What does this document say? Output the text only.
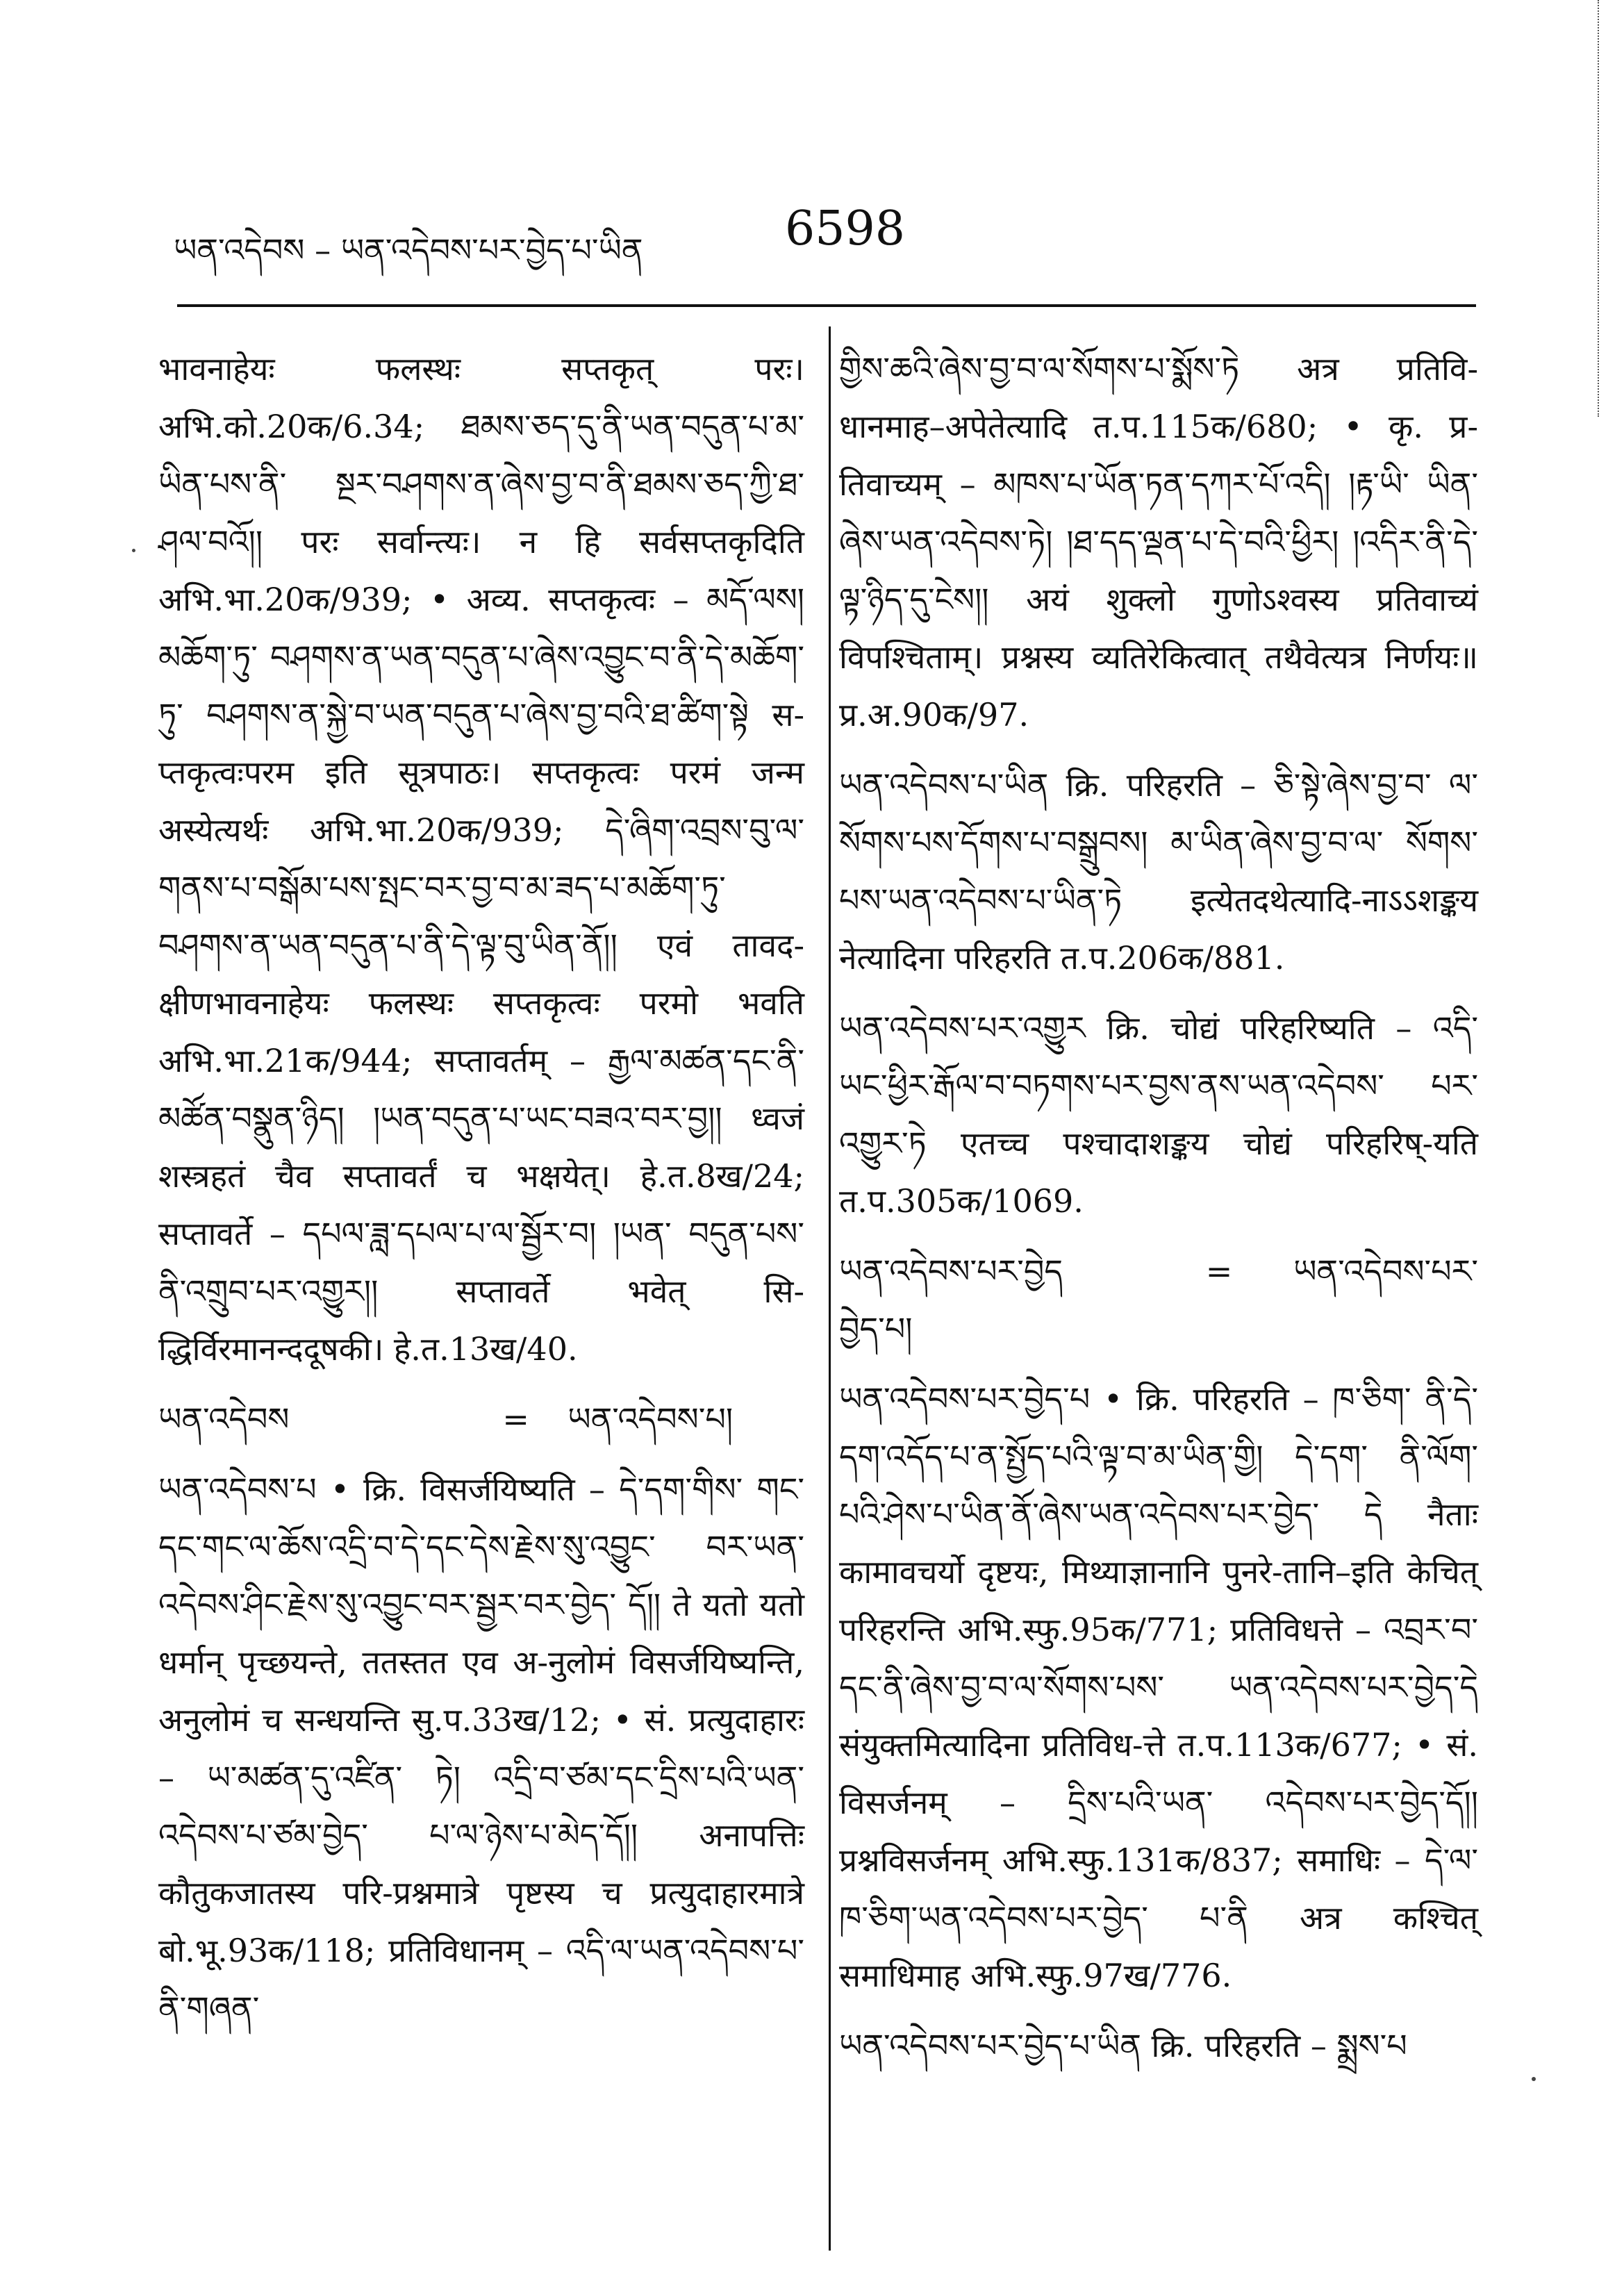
ཡན་འདེབས – ཡན་འདེབས་པར་བྱེད་པ་ཡིན	6598
भावनाहेयः फलस्थः सप्तकृत् परः। अभि.को.20क/6.34; ཐམས་ཅད་དུ་ནི་ཡན་བདུན་པ་མ་ཡིན་པས་ནི་ སྔར་བཤགས་ན་ཞེས་བྱ་བ་ནི་ཐམས་ཅད་ཀྱི་ཐ་ཤལ་བའོ།། परः सर्वान्त्यः। न हि सर्वसप्तकृदिति अभि.भा.20क/939; • अव्य. सप्तकृत्वः – མདོ་ལས། མཆོག་ཏུ་ བཤགས་ན་ཡན་བདུན་པ་ཞེས་འབྱུང་བ་ནི་དེ་མཆོག་ཏུ་ བཤགས་ན་སྐྱེ་བ་ཡན་བདུན་པ་ཞེས་བྱ་བའི་ཐ་ཚིག་སྟེ स-प्तकृत्वःपरम इति सूत्रपाठः। सप्तकृत्वः परमं जन्म अस्येत्यर्थः अभि.भा.20क/939; དེ་ཞིག་འབྲས་བུ་ལ་ གནས་པ་བསྒོམ་པས་སྤང་བར་བྱ་བ་མ་ཟད་པ་མཆོག་ཏུ་ བཤགས་ན་ཡན་བདུན་པ་ནི་དེ་ལྟ་བུ་ཡིན་ནོ།། एवं तावद-क्षीणभावनाहेयः फलस्थः सप्तकृत्वः परमो भवति अभि.भा.21क/944; सप्तावर्तम् – རྒྱལ་མཚན་དང་ནི་ མཚོན་བསྣུན་ཉིད། །ཡན་བདུན་པ་ཡང་བཟའ་བར་བྱ།། ध्वजं शस्त्रहतं चैव सप्तावर्तं च भक्षयेत्। हे.त.8ख/24; सप्तावर्ते – དཔལ་ཟླ་དཔལ་པ་ལ་སྦྱོར་བ། །ཡན་ བདུན་པས་ནི་འགྲུབ་པར་འགྱུར།། सप्तावर्ते भवेत् सि-द्धिर्विरमानन्ददूषकी। हे.त.13ख/40.
ཡན་འདེབས	= ཡན་འདེབས་པ།
ཡན་འདེབས་པ • क्रि. विसर्जयिष्यति – དེ་དག་གིས་ གང་དང་གང་ལ་ཆོས་འདྲི་བ་དེ་དང་དེས་རྗེས་སུ་འབྱུང་ བར་ཡན་འདེབས་ཤིང་རྗེས་སུ་འབྱུང་བར་སྦྱར་བར་བྱེད་ དོ།། ते यतो यतो धर्मान् पृच्छयन्ते, ततस्तत एव अ-नुलोमं विसर्जयिष्यन्ति, अनुलोमं च सन्धयन्ति सु.प.33ख/12; • सं. प्रत्युदाहारः – ཡ་མཚན་དུ་འཛིན་ ཏེ། འདྲི་བ་ཙམ་དང་དྲིས་པའི་ཡན་འདེབས་པ་ཙམ་བྱེད་ པ་ལ་ཉེས་པ་མེད་དོ།། अनापत्तिः कौतुकजातस्य परि-प्रश्नमात्रे पृष्टस्य च प्रत्युदाहारमात्रे बो.भू.93क/118; प्रतिविधानम् – འདི་ལ་ཡན་འདེབས་པ་ནི་གཞན་
གྱིས་ཆའི་ཞེས་བྱ་བ་ལ་སོགས་པ་སྨོས་ཏེ अत्र प्रतिवि-धानमाह–अपेतेत्यादि त.प.115क/680; • कृ. प्र-तिवाच्यम् – མཁས་པ་ཡོན་ཏན་དཀར་པོ་འདི། །རྟ་ཡི་ ཡིན་ཞེས་ཡན་འདེབས་ཏེ། །ཐ་དད་ལྡན་པ་དེ་བའི་ཕྱིར། །འདིར་ནི་དེ་ལྟ་ཉིད་དུ་ངེས།། अयं शुक्लो गुणोऽश्वस्य प्रतिवाच्यं विपश्चिताम्। प्रश्नस्य व्यतिरेकित्वात् तथैवेत्यत्र निर्णयः॥ प्र.अ.90क/97.
ཡན་འདེབས་པ་ཡིན क्रि. परिहरति – ཅི་སྟེ་ཞེས་བྱ་བ་ ལ་སོགས་པས་དོགས་པ་བསྒྲུབས། མ་ཡིན་ཞེས་བྱ་བ་ལ་ སོགས་པས་ཡན་འདེབས་པ་ཡིན་ཏེ इत्येतदथेत्यादि-नाऽऽशङ्कय नेत्यादिना परिहरति त.प.206क/881.
ཡན་འདེབས་པར་འགྱུར क्रि. चोद्यं परिहरिष्यति – འདི་ ཡང་ཕྱིར་རྒོལ་བ་བཏགས་པར་བྱས་ནས་ཡན་འདེབས་ པར་འགྱུར་ཏེ एतच्च पश्चादाशङ्कय चोद्यं परिहरिष्-यति त.प.305क/1069.
ཡན་འདེབས་པར་བྱེད	= ཡན་འདེབས་པར་བྱེད་པ།
ཡན་འདེབས་པར་བྱེད་པ • क्रि. परिहरति – ཁ་ཅིག་ ནི་དེ་དག་འདོད་པ་ན་སྤྱོད་པའི་ལྟ་བ་མ་ཡིན་གྱི། དེ་དག་ ནི་ལོག་པའི་ཤེས་པ་ཡིན་ནོ་ཞེས་ཡན་འདེབས་པར་བྱེད་ དེ नैताः कामावचर्यो दृष्टयः, मिथ्याज्ञानानि पुनरे-तानि–इति केचित् परिहरन्ति अभि.स्फु.95क/771; प्रतिविधत्ते – འབྲར་བ་དང་ནི་ཞེས་བྱ་བ་ལ་སོགས་པས་ ཡན་འདེབས་པར་བྱེད་དེ संयुक्तमित्यादिना प्रतिविध-त्ते त.प.113क/677; • सं. विसर्जनम् – དྲིས་པའི་ཡན་ འདེབས་པར་བྱེད་དོ།། प्रश्नविसर्जनम् अभि.स्फु.131क/837; समाधिः – དེ་ལ་ཁ་ཅིག་ཡན་འདེབས་པར་བྱེད་ པ་ནི अत्र कश्चित् समाधिमाह अभि.स्फु.97ख/776.
ཡན་འདེབས་པར་བྱེད་པ་ཡིན क्रि. परिहरति – སྨྲས་པ
